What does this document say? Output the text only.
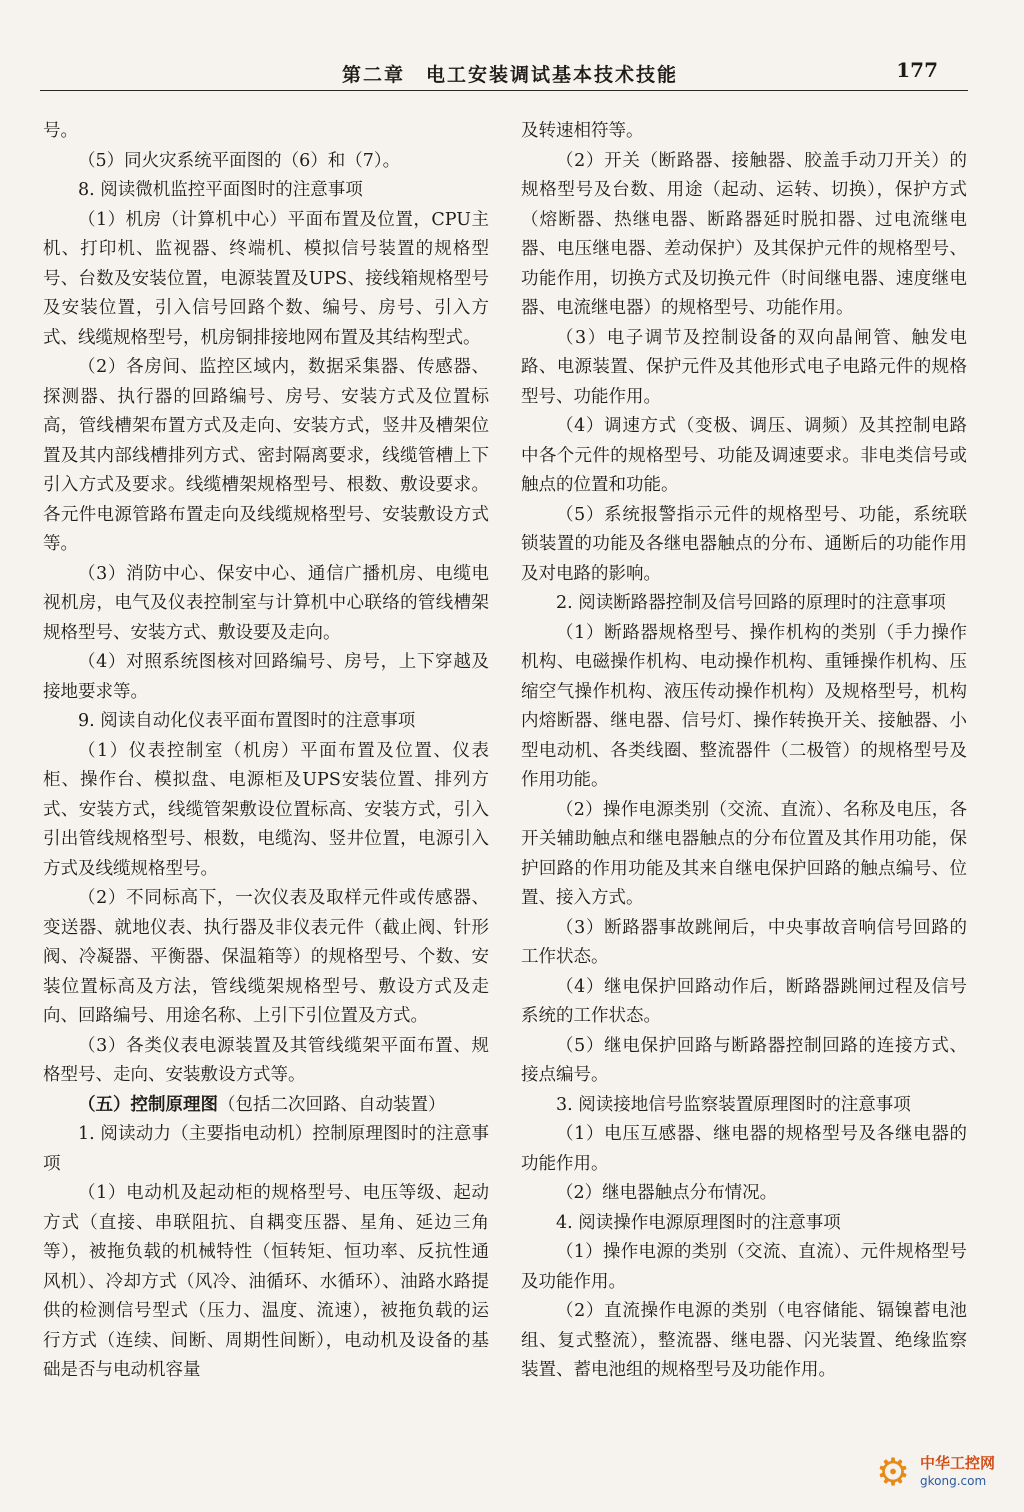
第二章　电工安装调试基本技术技能	177

号。

（5）同火灾系统平面图的（6）和（7）。

8. 阅读微机监控平面图时的注意事项

（1）机房（计算机中心）平面布置及位置，CPU主机、打印机、监视器、终端机、模拟信号装置的规格型号、台数及安装位置，电源装置及UPS、接线箱规格型号及安装位置，引入信号回路个数、编号、房号、引入方式、线缆规格型号，机房铜排接地网布置及其结构型式。

（2）各房间、监控区域内，数据采集器、传感器、探测器、执行器的回路编号、房号、安装方式及位置标高，管线槽架布置方式及走向、安装方式，竖井及槽架位置及其内部线槽排列方式、密封隔离要求，线缆管槽上下引入方式及要求。线缆槽架规格型号、根数、敷设要求。各元件电源管路布置走向及线缆规格型号、安装敷设方式等。

（3）消防中心、保安中心、通信广播机房、电缆电视机房，电气及仪表控制室与计算机中心联络的管线槽架规格型号、安装方式、敷设要及走向。

（4）对照系统图核对回路编号、房号，上下穿越及接地要求等。

9. 阅读自动化仪表平面布置图时的注意事项

（1）仪表控制室（机房）平面布置及位置、仪表柜、操作台、模拟盘、电源柜及UPS安装位置、排列方式、安装方式，线缆管架敷设位置标高、安装方式，引入引出管线规格型号、根数，电缆沟、竖井位置，电源引入方式及线缆规格型号。

（2）不同标高下，一次仪表及取样元件或传感器、变送器、就地仪表、执行器及非仪表元件（截止阀、针形阀、冷凝器、平衡器、保温箱等）的规格型号、个数、安装位置标高及方法，管线缆架规格型号、敷设方式及走向、回路编号、用途名称、上引下引位置及方式。

（3）各类仪表电源装置及其管线缆架平面布置、规格型号、走向、安装敷设方式等。

（五）控制原理图（包括二次回路、自动装置）

1. 阅读动力（主要指电动机）控制原理图时的注意事项

（1）电动机及起动柜的规格型号、电压等级、起动方式（直接、串联阻抗、自耦变压器、星角、延边三角等），被拖负载的机械特性（恒转矩、恒功率、反抗性通风机）、冷却方式（风冷、油循环、水循环）、油路水路提供的检测信号型式（压力、温度、流速），被拖负载的运行方式（连续、间断、周期性间断），电动机及设备的基础是否与电动机容量

及转速相符等。

（2）开关（断路器、接触器、胶盖手动刀开关）的规格型号及台数、用途（起动、运转、切换），保护方式（熔断器、热继电器、断路器延时脱扣器、过电流继电器、电压继电器、差动保护）及其保护元件的规格型号、功能作用，切换方式及切换元件（时间继电器、速度继电器、电流继电器）的规格型号、功能作用。

（3）电子调节及控制设备的双向晶闸管、触发电路、电源装置、保护元件及其他形式电子电路元件的规格型号、功能作用。

（4）调速方式（变极、调压、调频）及其控制电路中各个元件的规格型号、功能及调速要求。非电类信号或触点的位置和功能。

（5）系统报警指示元件的规格型号、功能，系统联锁装置的功能及各继电器触点的分布、通断后的功能作用及对电路的影响。

2. 阅读断路器控制及信号回路的原理时的注意事项

（1）断路器规格型号、操作机构的类别（手力操作机构、电磁操作机构、电动操作机构、重锤操作机构、压缩空气操作机构、液压传动操作机构）及规格型号，机构内熔断器、继电器、信号灯、操作转换开关、接触器、小型电动机、各类线圈、整流器件（二极管）的规格型号及作用功能。

（2）操作电源类别（交流、直流）、名称及电压，各开关辅助触点和继电器触点的分布位置及其作用功能，保护回路的作用功能及其来自继电保护回路的触点编号、位置、接入方式。

（3）断路器事故跳闸后，中央事故音响信号回路的工作状态。

（4）继电保护回路动作后，断路器跳闸过程及信号系统的工作状态。

（5）继电保护回路与断路器控制回路的连接方式、接点编号。

3. 阅读接地信号监察装置原理图时的注意事项

（1）电压互感器、继电器的规格型号及各继电器的功能作用。

（2）继电器触点分布情况。

4. 阅读操作电源原理图时的注意事项

（1）操作电源的类别（交流、直流）、元件规格型号及功能作用。

（2）直流操作电源的类别（电容储能、镉镍蓄电池组、复式整流），整流器、继电器、闪光装置、绝缘监察装置、蓄电池组的规格型号及功能作用。

⚙ 中华工控网
gkong.com
